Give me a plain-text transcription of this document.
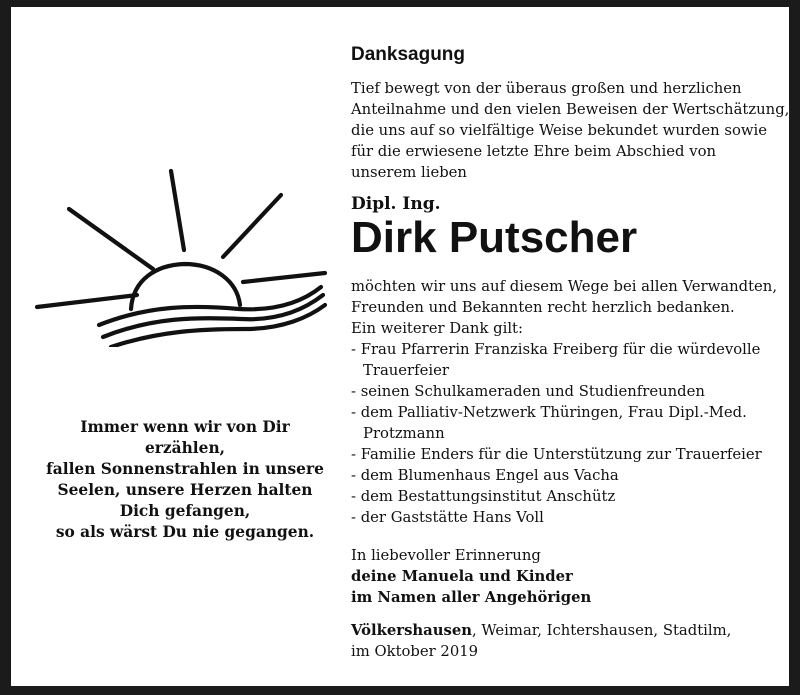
Immer wenn wir von Dir
erzählen,
fallen Sonnenstrahlen in unsere
Seelen, unsere Herzen halten
Dich gefangen,
so als wärst Du nie gegangen.
Danksagung
Tief bewegt von der überaus großen und herzlichen
Anteilnahme und den vielen Beweisen der Wertschätzung,
die uns auf so vielfältige Weise bekundet wurden sowie
für die erwiesene letzte Ehre beim Abschied von
unserem lieben
Dipl. Ing.
Dirk Putscher
möchten wir uns auf diesem Wege bei allen Verwandten,
Freunden und Bekannten recht herzlich bedanken.
Ein weiterer Dank gilt:
- Frau Pfarrerin Franziska Freiberg für die würdevolle
Trauerfeier
- seinen Schulkameraden und Studienfreunden
- dem Palliativ-Netzwerk Thüringen, Frau Dipl.-Med.
Protzmann
- Familie Enders für die Unterstützung zur Trauerfeier
- dem Blumenhaus Engel aus Vacha
- dem Bestattungsinstitut Anschütz
- der Gaststätte Hans Voll
In liebevoller Erinnerung
deine Manuela und Kinder
im Namen aller Angehörigen
Völkershausen, Weimar, Ichtershausen, Stadtilm,
im Oktober 2019
